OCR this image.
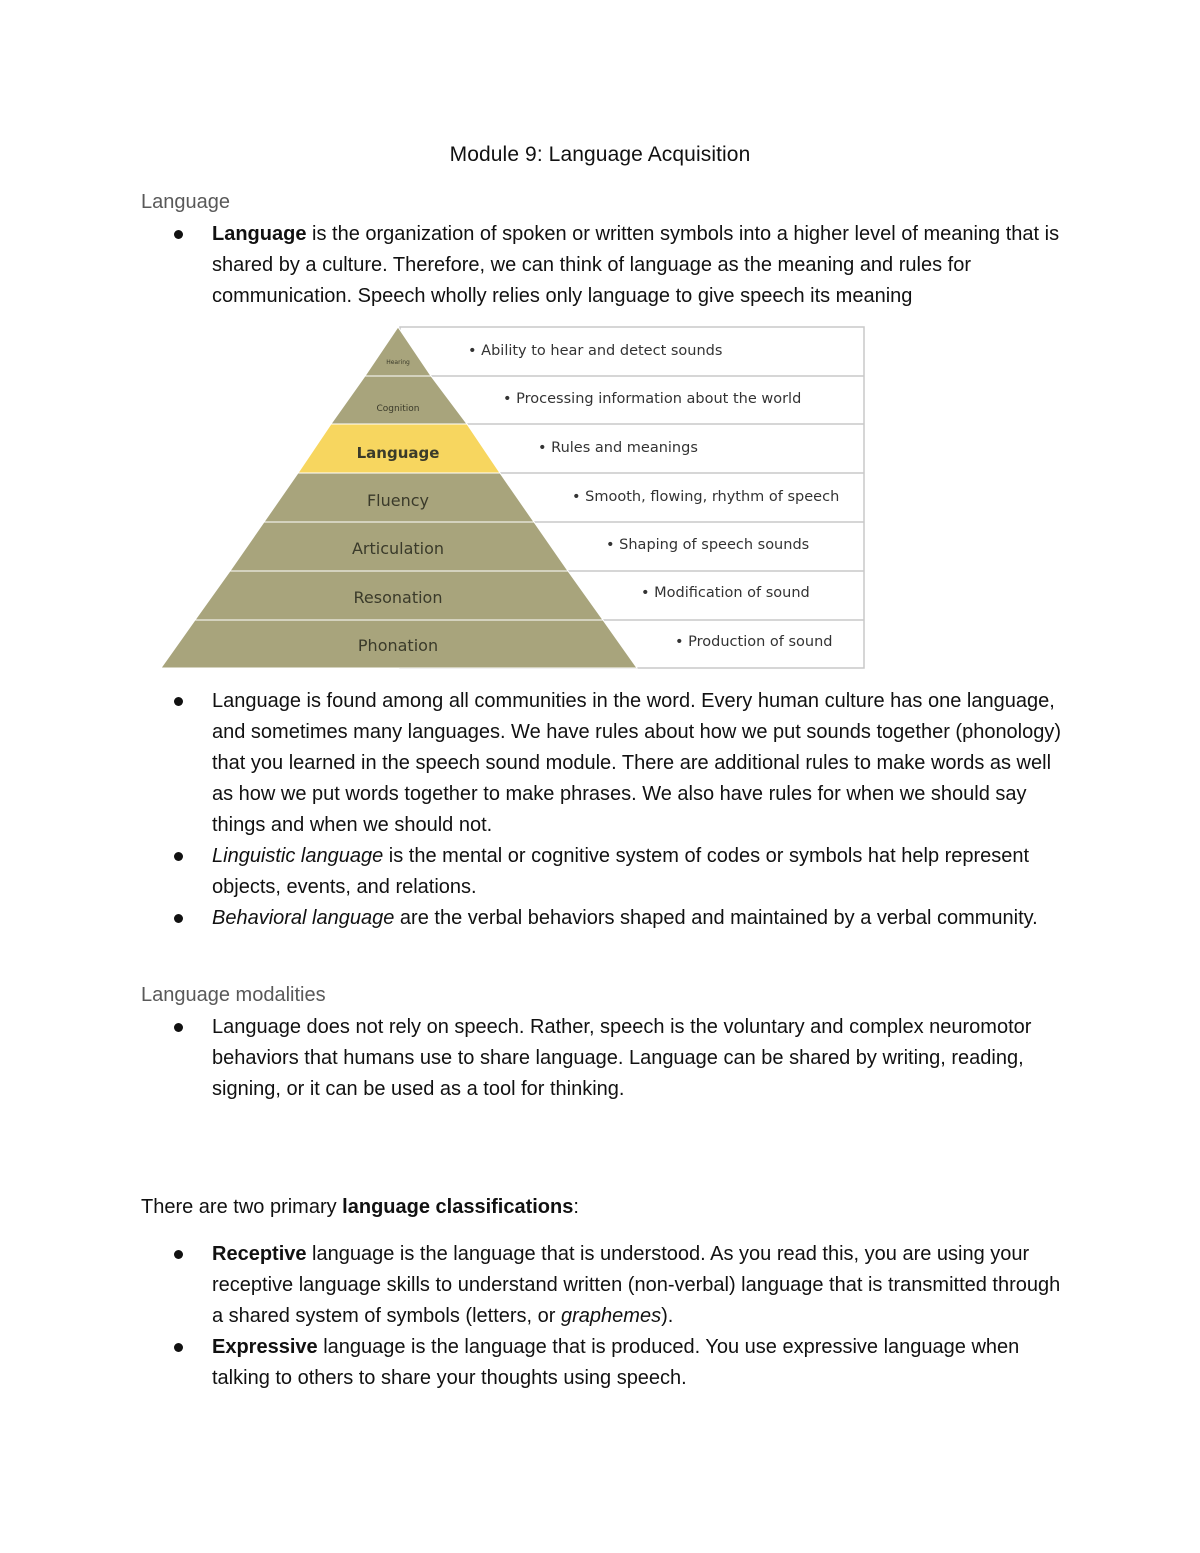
Module 9: Language Acquisition
Language
Language is the organization of spoken or written symbols into a higher level of meaning that is shared by a culture. Therefore, we can think of language as the meaning and rules for communication. Speech wholly relies only language to give speech its meaning
Hearing
Cognition
Language
Fluency
Articulation
Resonation
Phonation
• Ability to hear and detect sounds
• Processing information about the world
• Rules and meanings
• Smooth, flowing, rhythm of speech
• Shaping of speech sounds
• Modification of sound
• Production of sound
Language is found among all communities in the word. Every human culture has one language, and sometimes many languages. We have rules about how we put sounds together (phonology) that you learned in the speech sound module. There are additional rules to make words as well as how we put words together to make phrases. We also have rules for when we should say things and when we should not.
Linguistic language is the mental or cognitive system of codes or symbols hat help represent objects, events, and relations.
Behavioral language are the verbal behaviors shaped and maintained by a verbal community.
Language modalities
Language does not rely on speech. Rather, speech is the voluntary and complex neuromotor behaviors that humans use to share language. Language can be shared by writing, reading, signing, or it can be used as a tool for thinking.
There are two primary language classifications:
Receptive language is the language that is understood. As you read this, you are using your receptive language skills to understand written (non-verbal) language that is transmitted through a shared system of symbols (letters, or graphemes).
Expressive language is the language that is produced. You use expressive language when talking to others to share your thoughts using speech.
